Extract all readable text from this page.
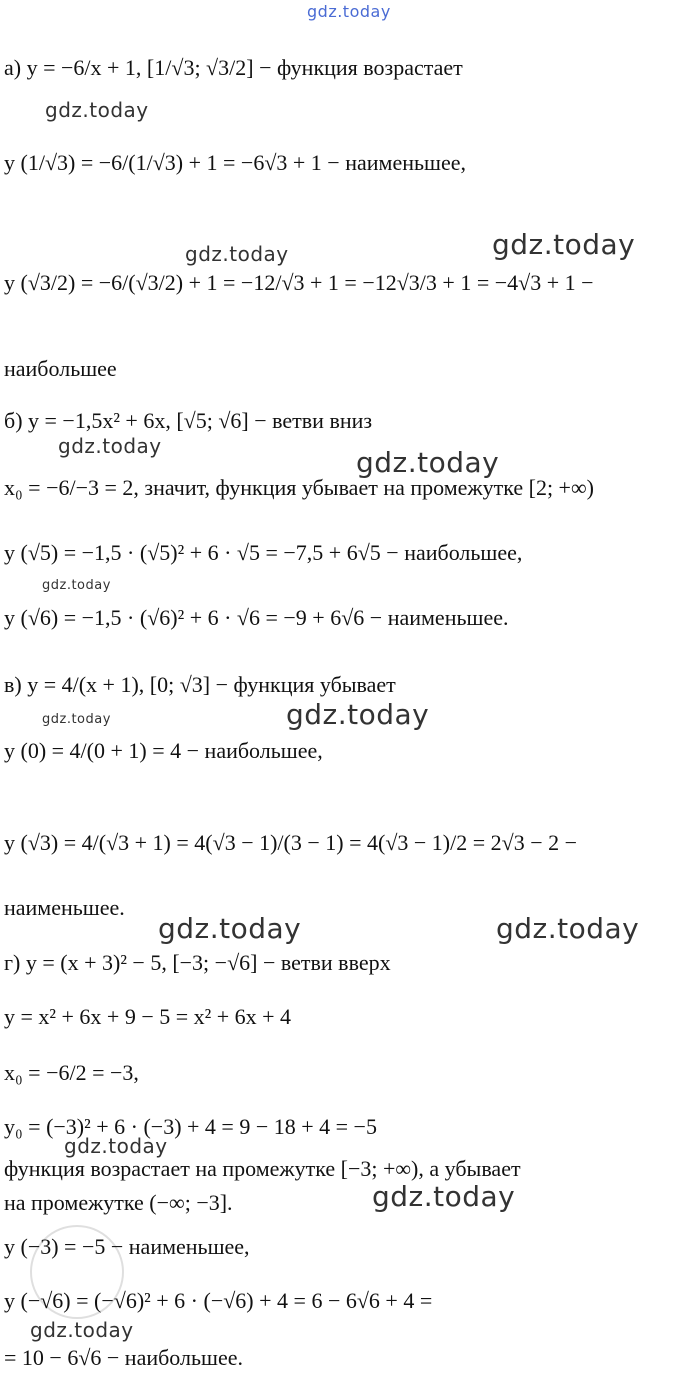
gdz.today
а) y = −6/x + 1, [1/√3; √3/2] − функция возрастает
gdz.today
y (1/√3) = −6/(1/√3) + 1 = −6√3 + 1 − наименьшее,
gdz.today	gdz.today
y (√3/2) = −6/(√3/2) + 1 = −12/√3 + 1 = −12√3/3 + 1 = −4√3 + 1 −
наибольшее
б) y = −1,5x² + 6x, [√5; √6] − ветви вниз
gdz.today	gdz.today
x₀ = −6/−3 = 2, значит, функция убывает на промежутке [2; +∞)
y (√5) = −1,5 · (√5)² + 6 · √5 = −7,5 + 6√5 − наибольшее,
gdz.today
y (√6) = −1,5 · (√6)² + 6 · √6 = −9 + 6√6 − наименьшее.
в) y = 4/(x + 1), [0; √3] − функция убывает
gdz.today
gdz.today
y (0) = 4/(0 + 1) = 4 − наибольшее,
y (√3) = 4/(√3 + 1) = 4(√3 − 1)/(3 − 1) = 4(√3 − 1)/2 = 2√3 − 2 −
наименьшее.
gdz.today	gdz.today
г) y = (x + 3)² − 5, [−3; −√6] − ветви вверх
y = x² + 6x + 9 − 5 = x² + 6x + 4
x₀ = −6/2 = −3,
y₀ = (−3)² + 6 · (−3) + 4 = 9 − 18 + 4 = −5
gdz.today
функция возрастает на промежутке [−3; +∞), а убывает
gdz.today
на промежутке (−∞; −3].
y (−3) = −5 − наименьшее,
y (−√6) = (−√6)² + 6 · (−√6) + 4 = 6 − 6√6 + 4 =
gdz.today
= 10 − 6√6 − наибольшее.
